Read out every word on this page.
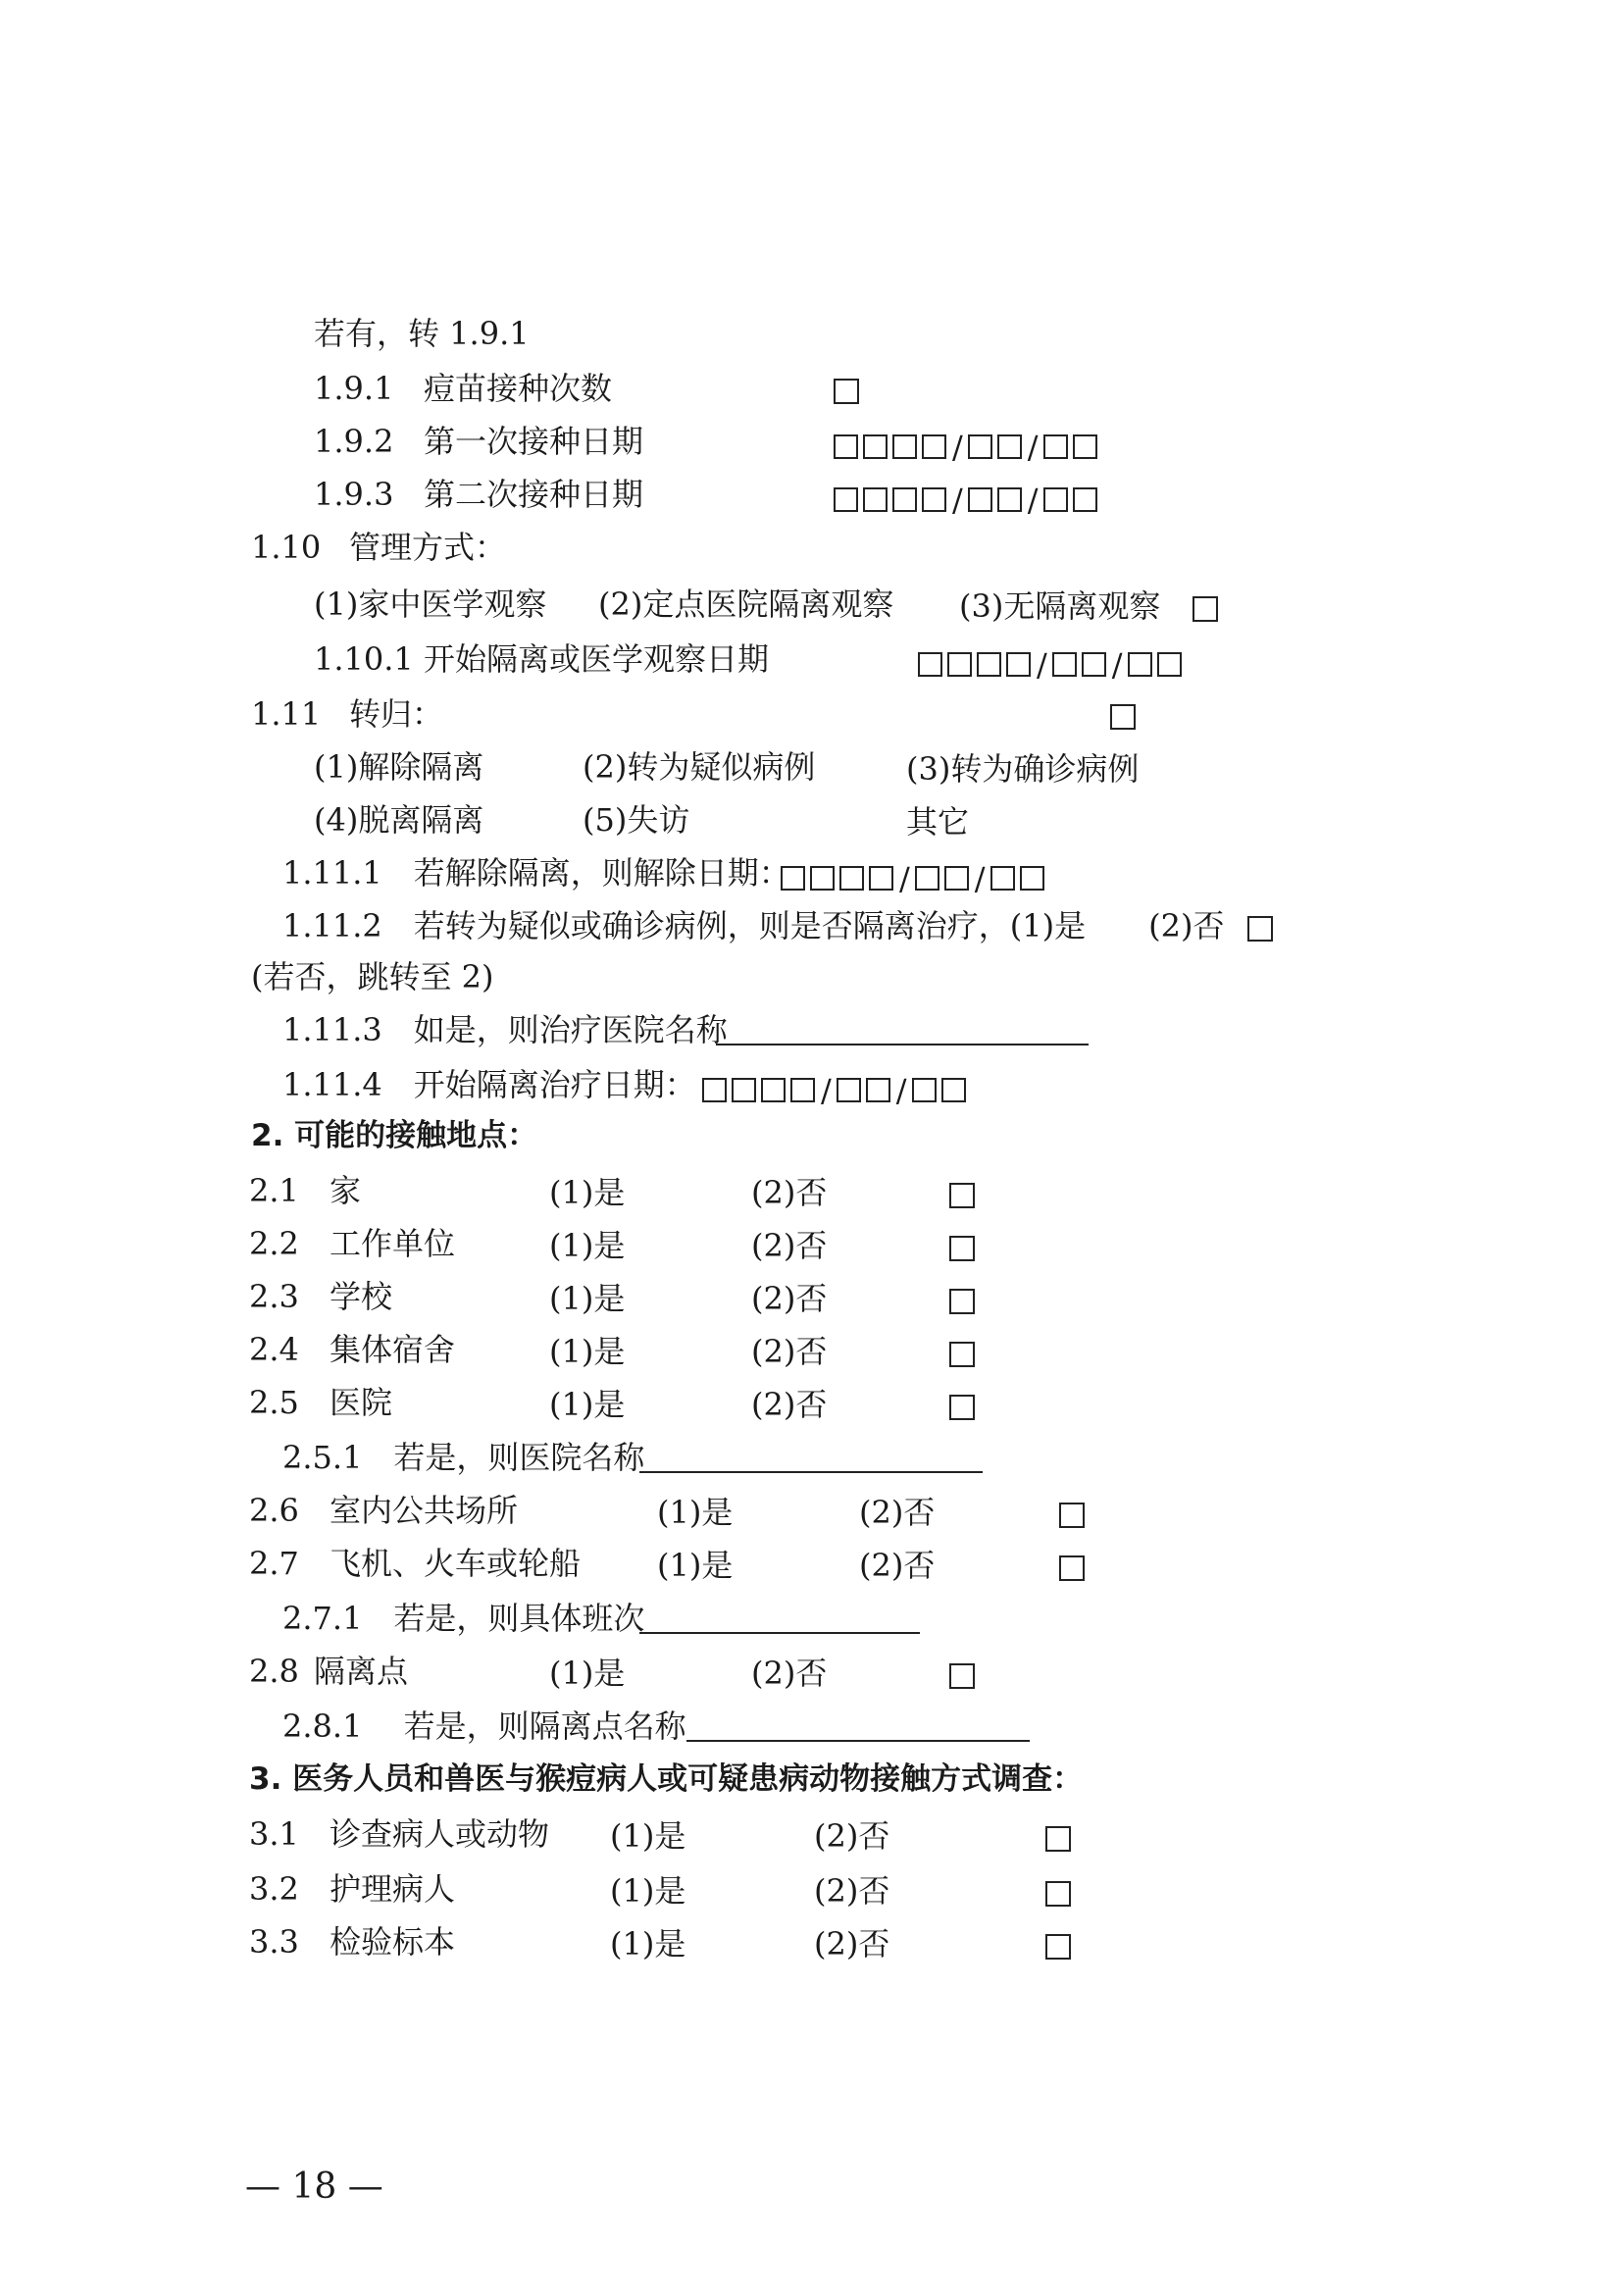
若有，转 1.9.1
1.9.1 痘苗接种次数
1.9.2 第一次接种日期	/ /
1.9.3 第二次接种日期	/ /
1.10 管理方式：
(1)家中医学观察 (2)定点医院隔离观察 (3)无隔离观察
1.10.1 开始隔离或医学观察日期	/ /
1.11 转归：
(1)解除隔离	(2)转为疑似病例	(3)转为确诊病例
(4)脱离隔离	(5)失访	其它
1.11.1　若解除隔离，则解除日期：	/ /
1.11.2　若转为疑似或确诊病例，则是否隔离治疗，(1)是　　(2)否
(若否，跳转至 2)
1.11.3　如是，则治疗医院名称
1.11.4　开始隔离治疗日期：	/ /
2. 可能的接触地点：
2.1 家	(1)是	(2)否
2.2 工作单位	(1)是	(2)否
2.3 学校	(1)是	(2)否
2.4 集体宿舍	(1)是	(2)否
2.5 医院	(1)是	(2)否
2.5.1　若是，则医院名称
2.6 室内公共场所	(1)是	(2)否
2.7 飞机、火车或轮船 (1)是	(2)否
2.7.1　若是，则具体班次
2.8 隔离点	(1)是	(2)否
2.8.1　 若是，则隔离点名称
3. 医务人员和兽医与猴痘病人或可疑患病动物接触方式调查：
3.1 诊查病人或动物 (1)是	(2)否
3.2 护理病人	(1)是	(2)否
3.3 检验标本	(1)是	(2)否
— 18 —
